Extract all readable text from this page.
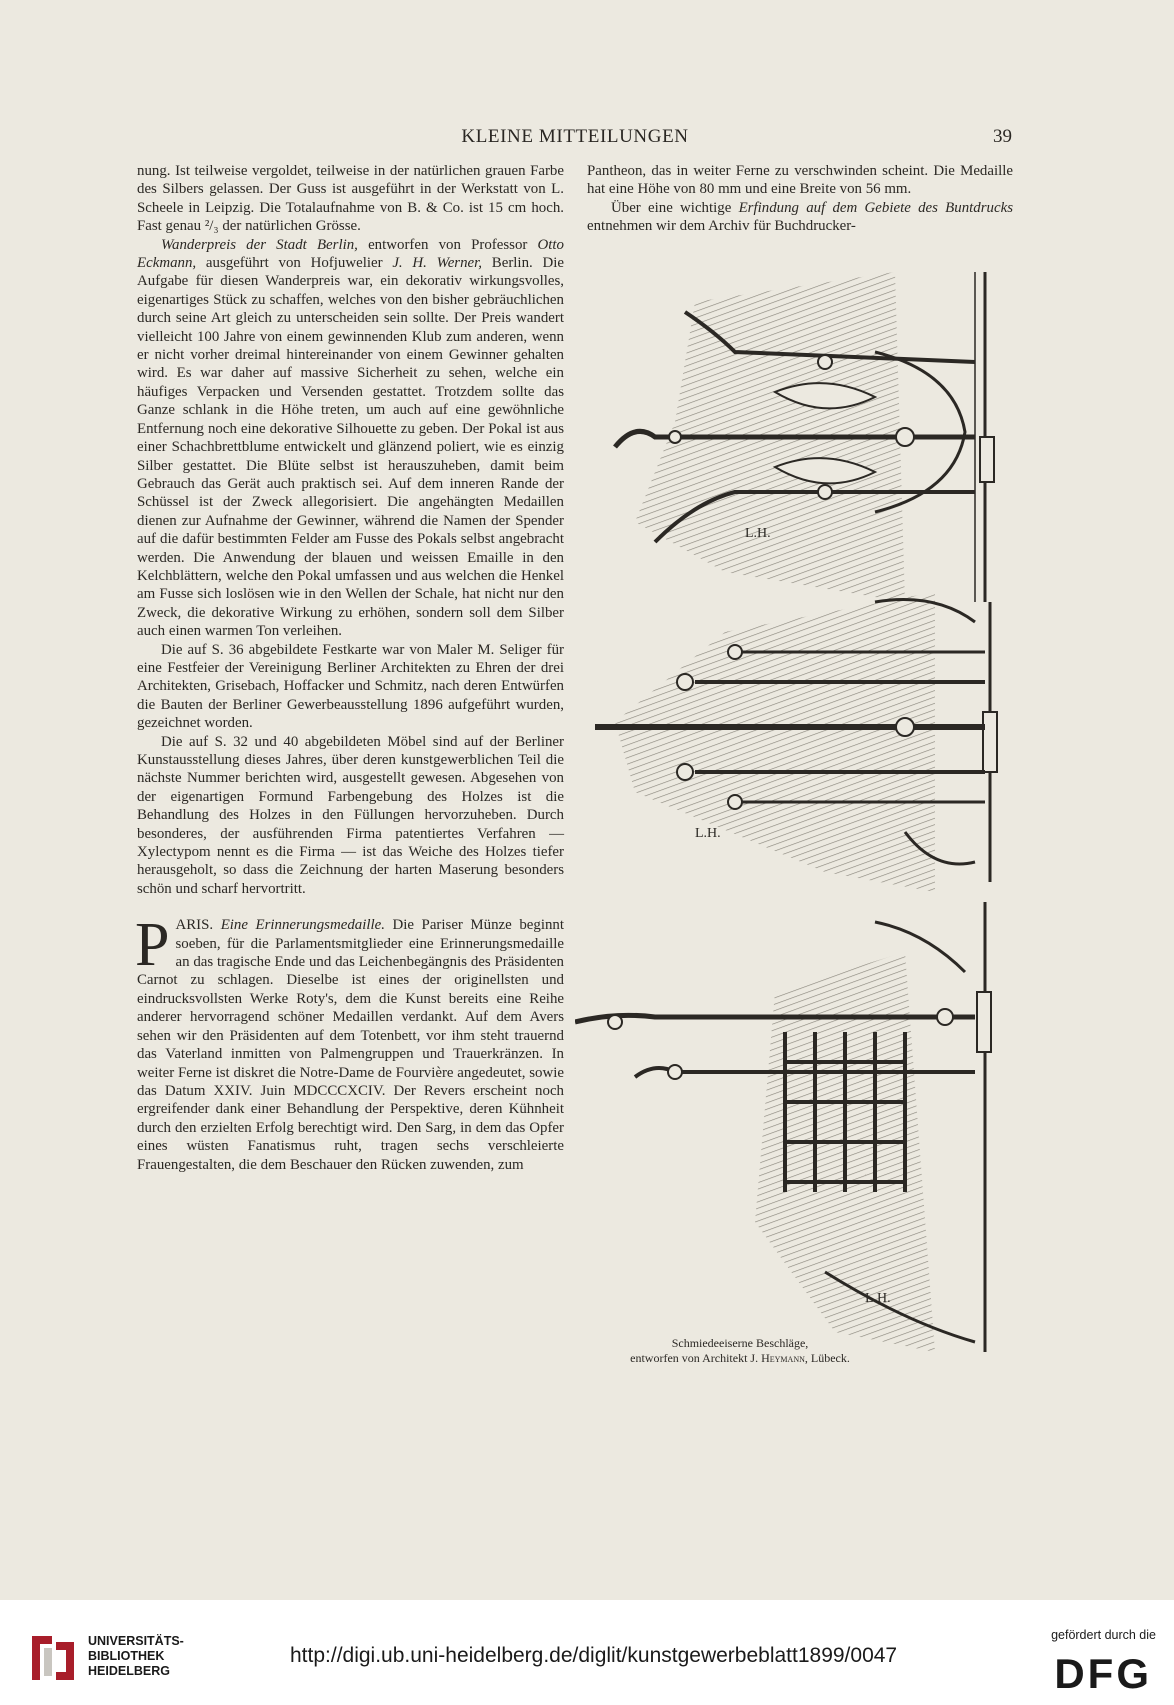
KLEINE MITTEILUNGEN	39

nung. Ist teilweise vergoldet, teilweise in der natürlichen grauen Farbe des Silbers gelassen. Der Guss ist ausgeführt in der Werkstatt von L. Scheele in Leipzig. Die Totalaufnahme von B. & Co. ist 15 cm hoch. Fast genau ²/₃ der natürlichen Grösse.

Wanderpreis der Stadt Berlin, entworfen von Professor Otto Eckmann, ausgeführt von Hofjuwelier J. H. Werner, Berlin. Die Aufgabe für diesen Wanderpreis war, ein dekorativ wirkungsvolles, eigenartiges Stück zu schaffen, welches von den bisher gebräuchlichen durch seine Art gleich zu unterscheiden sein sollte. Der Preis wandert vielleicht 100 Jahre von einem gewinnenden Klub zum anderen, wenn er nicht vorher dreimal hintereinander von einem Gewinner gehalten wird. Es war daher auf massive Sicherheit zu sehen, welche ein häufiges Verpacken und Versenden gestattet. Trotzdem sollte das Ganze schlank in die Höhe treten, um auch auf eine gewöhnliche Entfernung noch eine dekorative Silhouette zu geben. Der Pokal ist aus einer Schachbrettblume entwickelt und glänzend poliert, wie es einzig Silber gestattet. Die Blüte selbst ist herauszuheben, damit beim Gebrauch das Gerät auch praktisch sei. Auf dem inneren Rande der Schüssel ist der Zweck allegorisiert. Die angehängten Medaillen dienen zur Aufnahme der Gewinner, während die Namen der Spender auf die dafür bestimmten Felder am Fusse des Pokals selbst angebracht werden. Die Anwendung der blauen und weissen Emaille in den Kelchblättern, welche den Pokal umfassen und aus welchen die Henkel am Fusse sich loslösen wie in den Wellen der Schale, hat nicht nur den Zweck, die dekorative Wirkung zu erhöhen, sondern soll dem Silber auch einen warmen Ton verleihen.

Die auf S. 36 abgebildete Festkarte war von Maler M. Seliger für eine Festfeier der Vereinigung Berliner Architekten zu Ehren der drei Architekten, Grisebach, Hoffacker und Schmitz, nach deren Entwürfen die Bauten der Berliner Gewerbeausstellung 1896 aufgeführt wurden, gezeichnet worden.

Die auf S. 32 und 40 abgebildeten Möbel sind auf der Berliner Kunstausstellung dieses Jahres, über deren kunstgewerblichen Teil die nächste Nummer berichten wird, ausgestellt gewesen. Abgesehen von der eigenartigen Formund Farbengebung des Holzes ist die Behandlung des Holzes in den Füllungen hervorzuheben. Durch besonderes, der ausführenden Firma patentiertes Verfahren — Xylectypom nennt es die Firma — ist das Weiche des Holzes tiefer herausgeholt, so dass die Zeichnung der harten Maserung besonders schön und scharf hervortritt.

PARIS. Eine Erinnerungsmedaille. Die Pariser Münze beginnt soeben, für die Parlamentsmitglieder eine Erinnerungsmedaille an das tragische Ende und das Leichenbegängnis des Präsidenten Carnot zu schlagen. Dieselbe ist eines der originellsten und eindrucksvollsten Werke Roty's, dem die Kunst bereits eine Reihe anderer hervorragend schöner Medaillen verdankt. Auf dem Avers sehen wir den Präsidenten auf dem Totenbett, vor ihm steht trauernd das Vaterland inmitten von Palmengruppen und Trauerkränzen. In weiter Ferne ist diskret die Notre-Dame de Fourvière angedeutet, sowie das Datum XXIV. Juin MDCCCXCIV. Der Revers erscheint noch ergreifender dank einer Behandlung der Perspektive, deren Kühnheit durch den erzielten Erfolg berechtigt wird. Den Sarg, in dem das Opfer eines wüsten Fanatismus ruht, tragen sechs verschleierte Frauengestalten, die dem Beschauer den Rücken zuwenden, zum

Pantheon, das in weiter Ferne zu verschwinden scheint. Die Medaille hat eine Höhe von 80 mm und eine Breite von 56 mm.

Über eine wichtige Erfindung auf dem Gebiete des Buntdrucks entnehmen wir dem Archiv für Buchdrucker-

L.H.
L.H.
L.H.
Schmiedeeiserne Beschläge,
entworfen von Architekt J. Heymann, Lübeck.
UNIVERSITÄTS-
BIBLIOTHEK
HEIDELBERG
http://digi.ub.uni-heidelberg.de/diglit/kunstgewerbeblatt1899/0047
gefördert durch die
DFG
